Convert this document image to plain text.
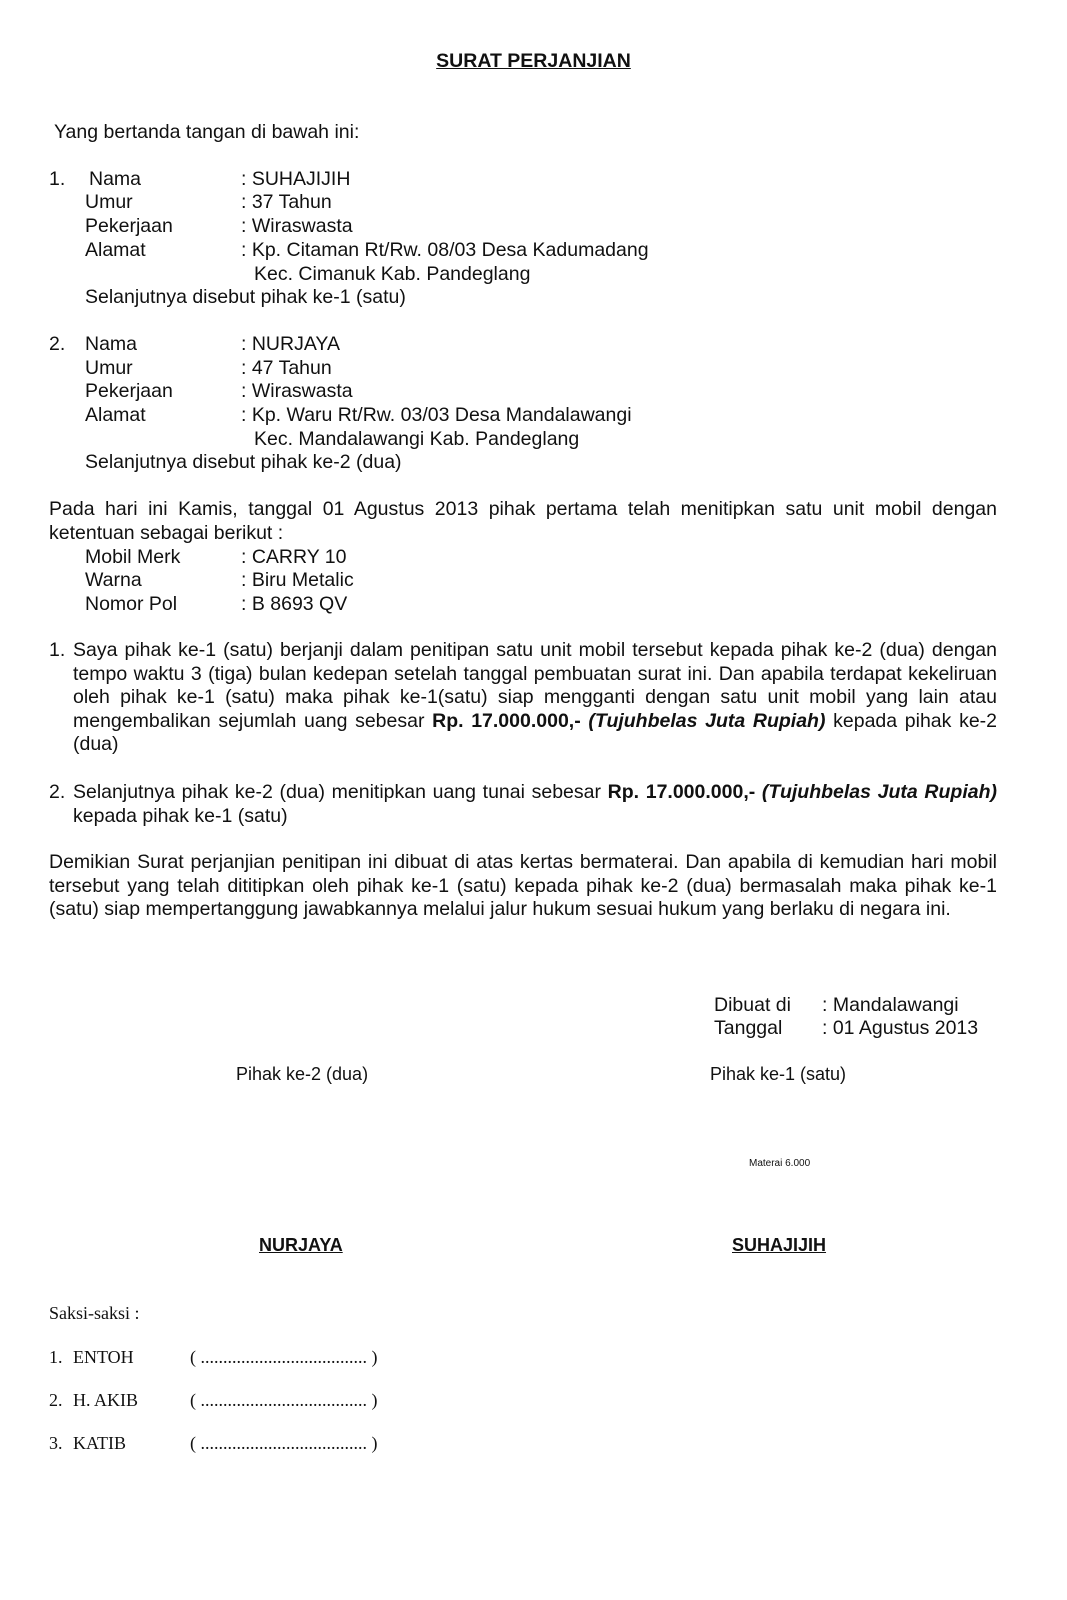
SURAT PERJANJIAN
Yang bertanda tangan di bawah ini:
1. Nama	: SUHAJIJIH
Umur	: 37 Tahun
Pekerjaan	: Wiraswasta
Alamat	: Kp. Citaman Rt/Rw. 08/03 Desa Kadumadang
Kec. Cimanuk Kab. Pandeglang
Selanjutnya disebut pihak ke-1 (satu)
2. Nama	: NURJAYA
Umur	: 47 Tahun
Pekerjaan	: Wiraswasta
Alamat	: Kp. Waru Rt/Rw. 03/03 Desa Mandalawangi
Kec. Mandalawangi Kab. Pandeglang
Selanjutnya disebut pihak ke-2 (dua)
Pada hari ini Kamis, tanggal 01 Agustus 2013 pihak pertama telah menitipkan satu unit mobil dengan ketentuan sebagai berikut :
Mobil Merk	: CARRY 10
Warna	: Biru Metalic
Nomor Pol	: B 8693 QV
1. Saya pihak ke-1 (satu) berjanji dalam penitipan satu unit mobil tersebut kepada pihak ke-2 (dua) dengan tempo waktu 3 (tiga) bulan kedepan setelah tanggal pembuatan surat ini. Dan apabila terdapat kekeliruan oleh pihak ke-1 (satu) maka pihak ke-1(satu) siap mengganti dengan satu unit mobil yang lain atau mengembalikan sejumlah uang sebesar Rp. 17.000.000,- (Tujuhbelas Juta Rupiah) kepada pihak ke-2 (dua)
2. Selanjutnya pihak ke-2 (dua) menitipkan uang tunai sebesar Rp. 17.000.000,- (Tujuhbelas Juta Rupiah) kepada pihak ke-1 (satu)
Demikian Surat perjanjian penitipan ini dibuat di atas kertas bermaterai. Dan apabila di kemudian hari mobil tersebut yang telah dititipkan oleh pihak ke-1 (satu) kepada pihak ke-2 (dua) bermasalah maka pihak ke-1 (satu) siap mempertanggung jawabkannya melalui jalur hukum sesuai hukum yang berlaku di negara ini.
Dibuat di : Mandalawangi
Tanggal : 01 Agustus 2013
Pihak ke-2 (dua)	Pihak ke-1 (satu)
Materai 6.000
NURJAYA	SUHAJIJIH
Saksi-saksi :
1. ENTOH	( ..................................... )
2. H. AKIB	( ..................................... )
3. KATIB	( ..................................... )
